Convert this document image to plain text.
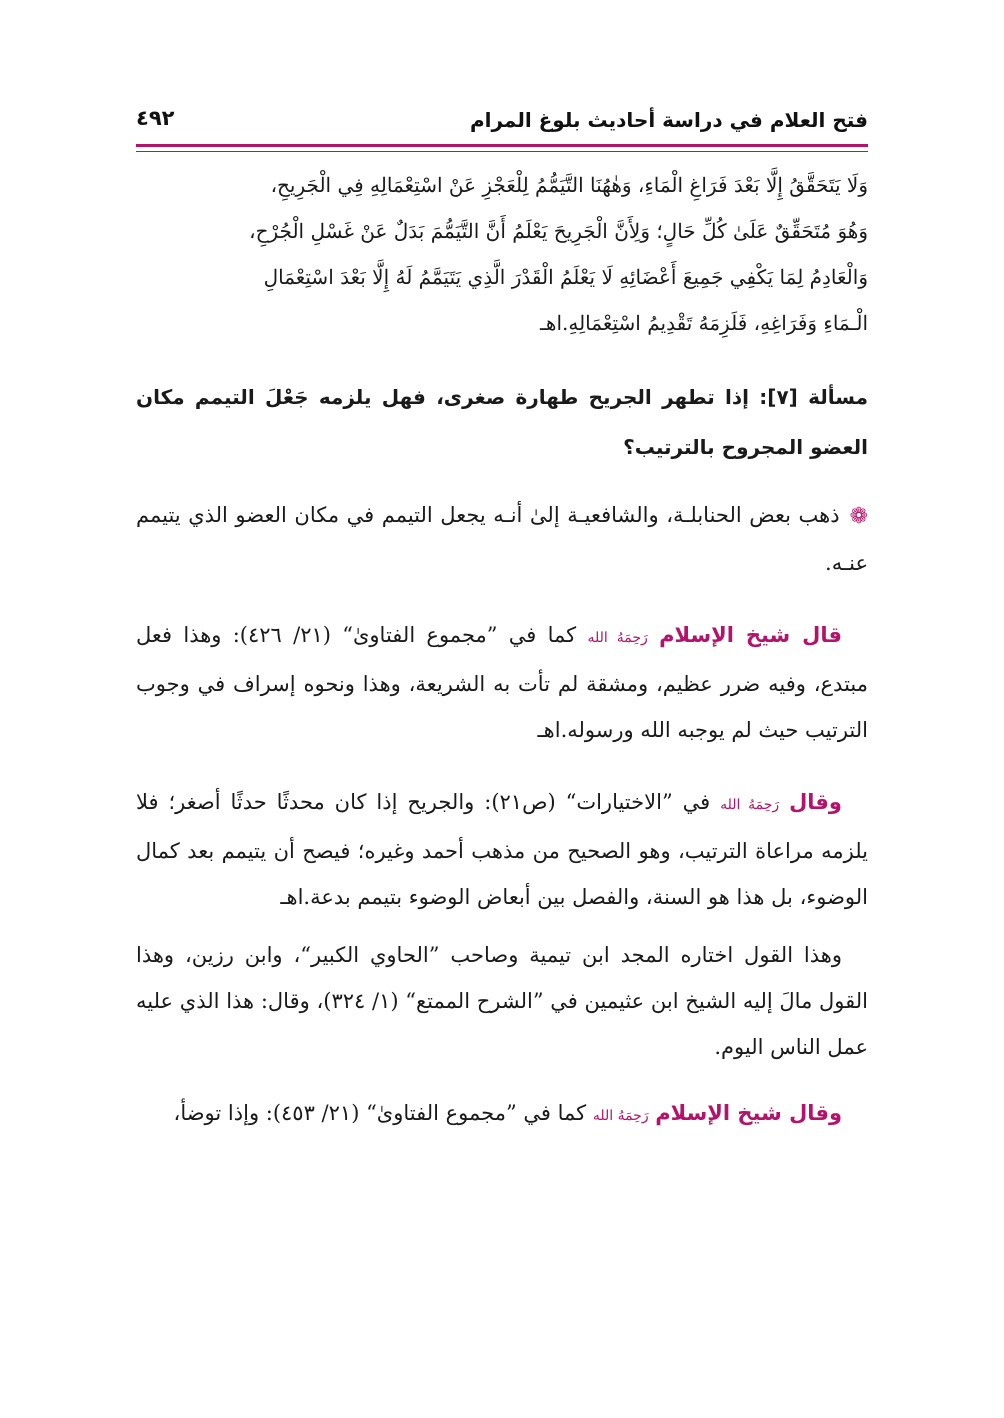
فتح العلام في دراسة أحاديث بلوغ المرام
٤٩٢

وَلَا يَتَحَقَّقُ إِلَّا بَعْدَ فَرَاغِ الْمَاءِ، وَهٰهُنَا التَّيَمُّمُ لِلْعَجْزِ عَنْ اسْتِعْمَالِهِ فِي الْجَرِيحِ،

وَهُوَ مُتَحَقِّقٌ عَلَىٰ كُلِّ حَالٍ؛ وَلِأَنَّ الْجَرِيحَ يَعْلَمُ أَنَّ التَّيَمُّمَ بَدَلٌ عَنْ غَسْلِ الْجُرْحِ،

وَالْعَادِمُ لِمَا يَكْفِي جَمِيعَ أَعْضَائِهِ لَا يَعْلَمُ الْقَدْرَ الَّذِي يَتَيَمَّمُ لَهُ إِلَّا بَعْدَ اسْتِعْمَالِ

الْـمَاءِ وَفَرَاغِهِ، فَلَزِمَهُ تَقْدِيمُ اسْتِعْمَالِهِ.اهـ

مسألة [٧]: إذا تطهر الجريح طهارة صغرى، فهل يلزمه جَعْلَ التيمم مكان العضو المجروح بالترتيب؟

❁ذهب بعض الحنابلـة، والشافعيـة إلىٰ أنـه يجعل التيمم في مكان العضو الذي يتيمم عنـه.

قال شيخ الإسلام رَحِمَهُ الله كما في ”مجموع الفتاوىٰ“ (٢١/ ٤٢٦): وهذا فعل مبتدع، وفيه ضرر عظيم، ومشقة لم تأت به الشريعة، وهذا ونحوه إسراف في وجوب الترتيب حيث لم يوجبه الله ورسوله.اهـ

وقال رَحِمَهُ الله في ”الاختيارات“ (ص٢١): والجريح إذا كان محدثًا حدثًا أصغر؛ فلا يلزمه مراعاة الترتيب، وهو الصحيح من مذهب أحمد وغيره؛ فيصح أن يتيمم بعد كمال الوضوء، بل هذا هو السنة، والفصل بين أبعاض الوضوء بتيمم بدعة.اهـ

وهذا القول اختاره المجد ابن تيمية وصاحب ”الحاوي الكبير“، وابن رزين، وهذا القول مالَ إليه الشيخ ابن عثيمين في ”الشرح الممتع“ (١/ ٣٢٤)، وقال: هذا الذي عليه عمل الناس اليوم.

وقال شيخ الإسلام رَحِمَهُ الله كما في ”مجموع الفتاوىٰ“ (٢١/ ٤٥٣): وإذا توضأ،
